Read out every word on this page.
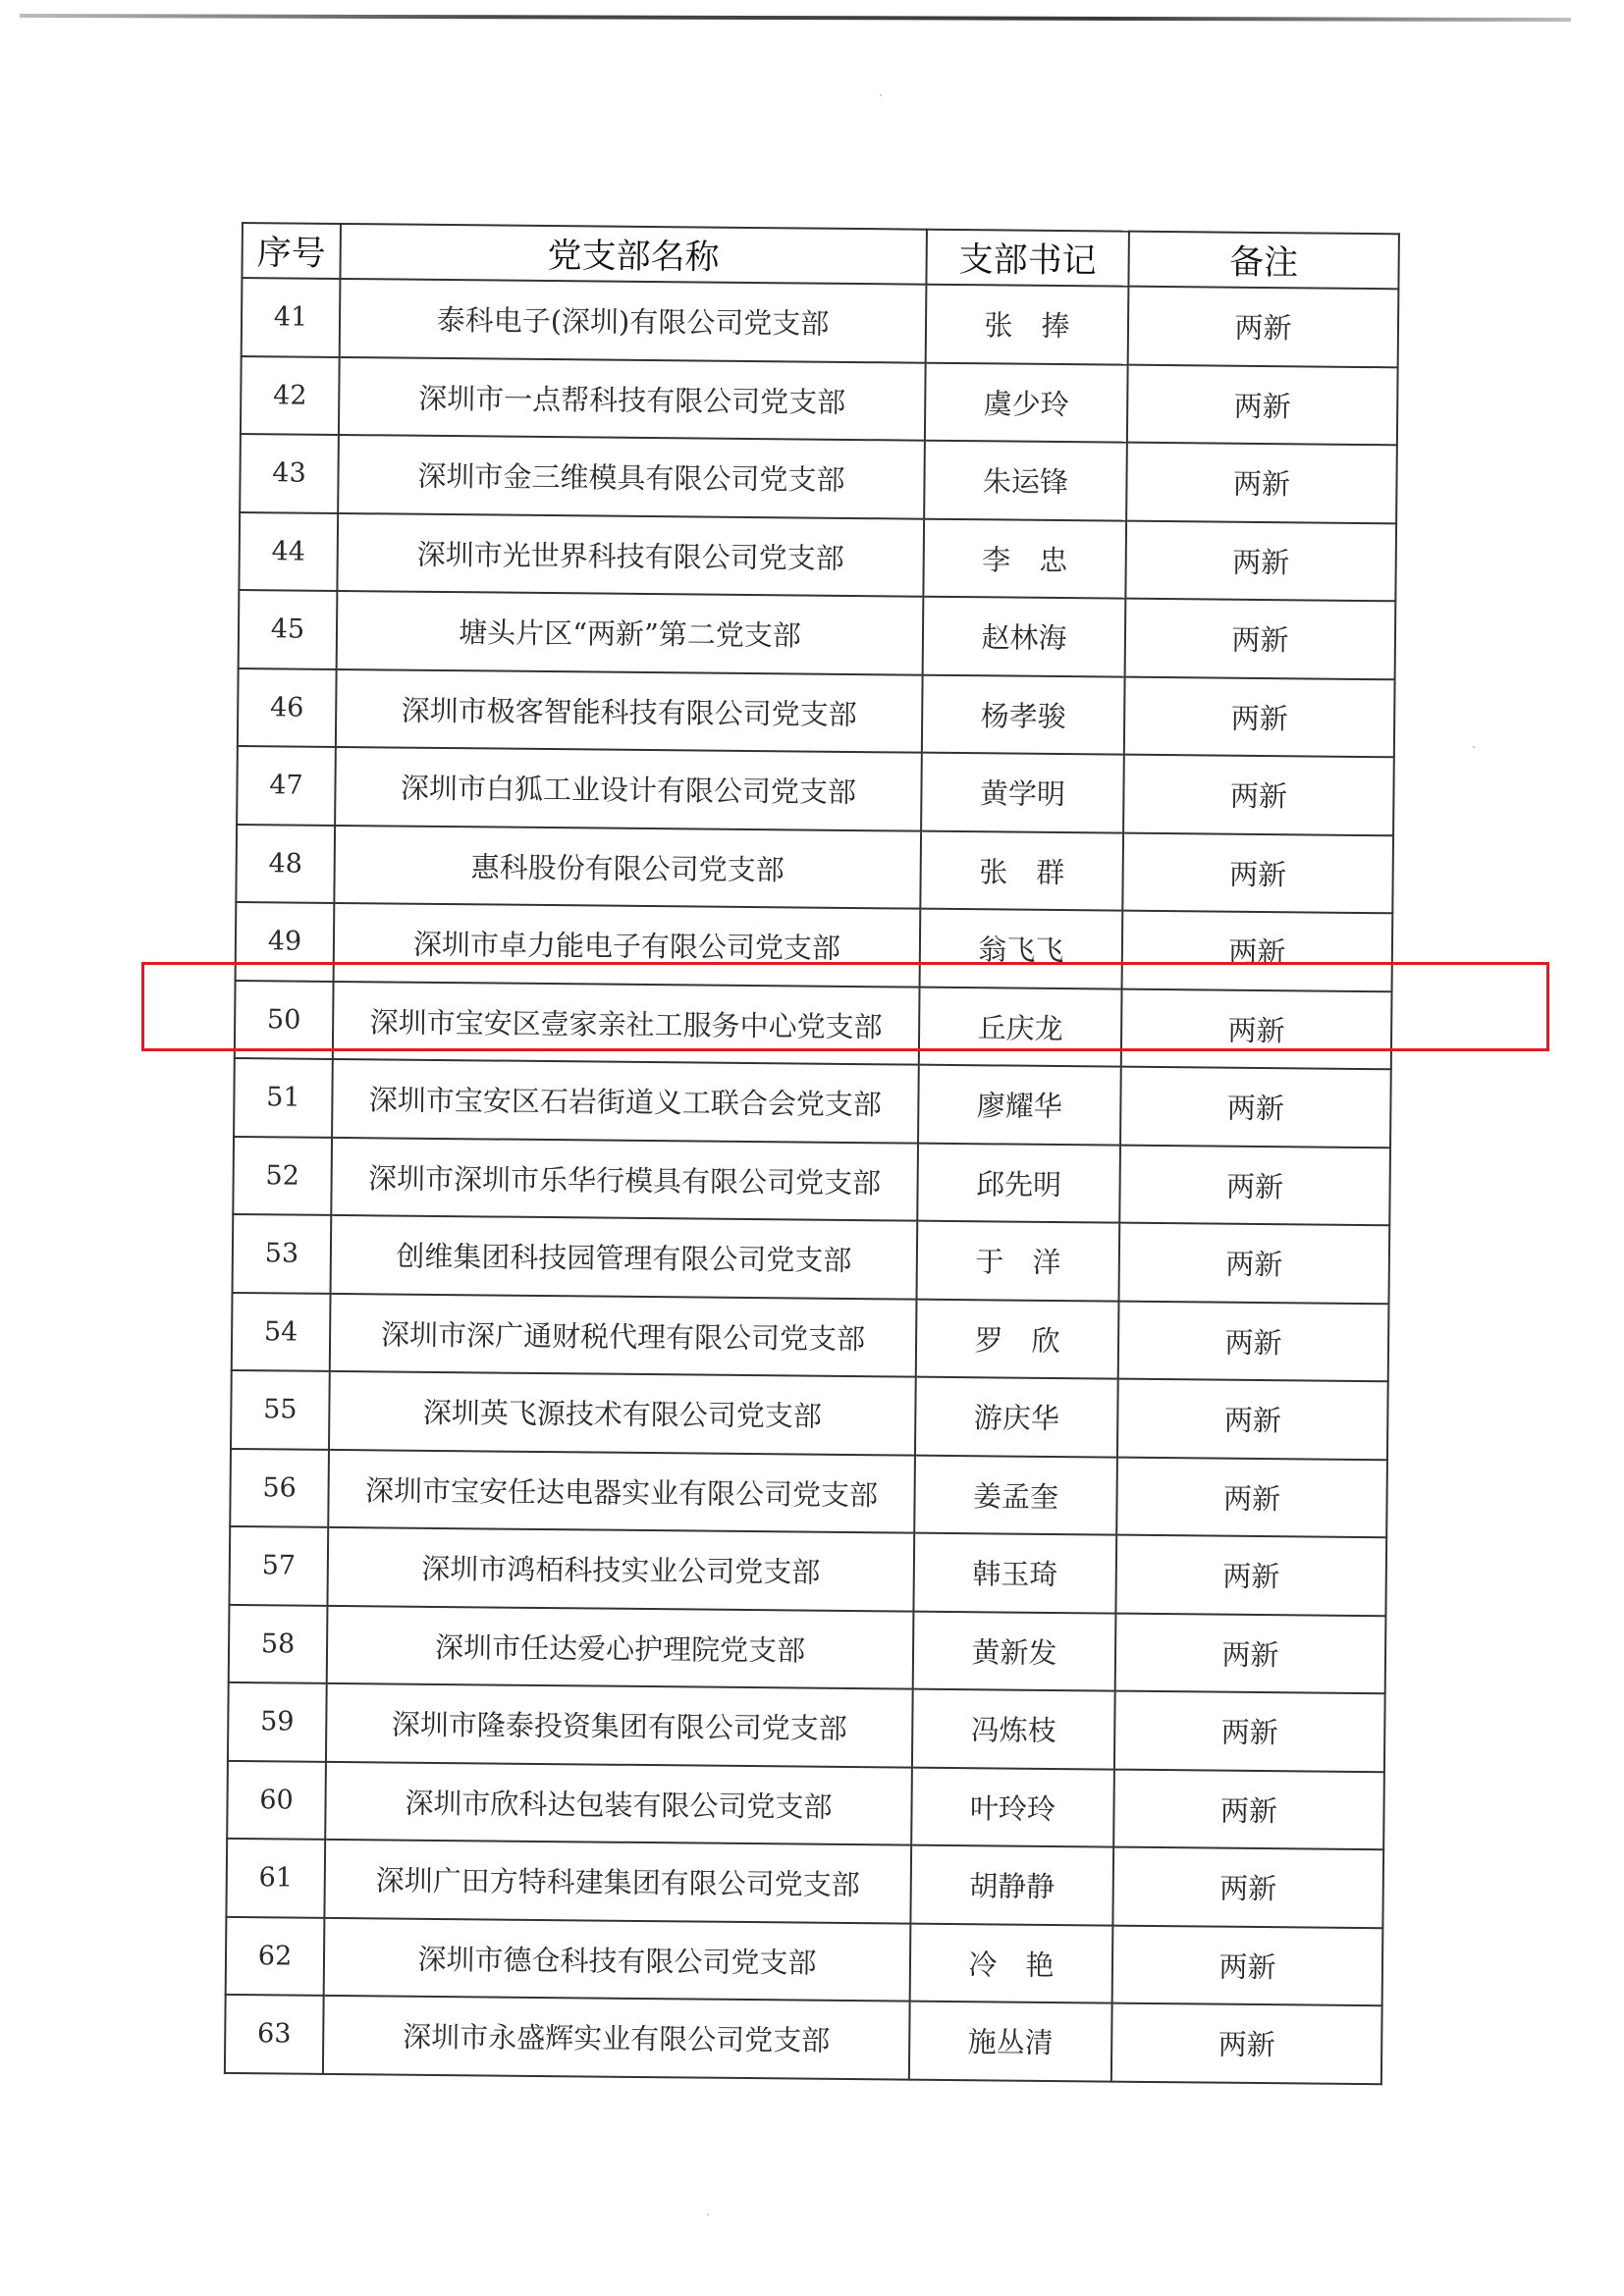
序号	党支部名称	支部书记	备注
41	泰科电子(深圳)有限公司党支部	张　捧	两新
42	深圳市一点帮科技有限公司党支部	虞少玲	两新
43	深圳市金三维模具有限公司党支部	朱运锋	两新
44	深圳市光世界科技有限公司党支部	李　忠	两新
45	塘头片区“两新”第二党支部	赵林海	两新
46	深圳市极客智能科技有限公司党支部	杨孝骏	两新
47	深圳市白狐工业设计有限公司党支部	黄学明	两新
48	惠科股份有限公司党支部	张　群	两新
49	深圳市卓力能电子有限公司党支部	翁飞飞	两新
50	深圳市宝安区壹家亲社工服务中心党支部	丘庆龙	两新
51	深圳市宝安区石岩街道义工联合会党支部	廖耀华	两新
52	深圳市深圳市乐华行模具有限公司党支部	邱先明	两新
53	创维集团科技园管理有限公司党支部	于　洋	两新
54	深圳市深广通财税代理有限公司党支部	罗　欣	两新
55	深圳英飞源技术有限公司党支部	游庆华	两新
56	深圳市宝安任达电器实业有限公司党支部	姜孟奎	两新
57	深圳市鸿栢科技实业公司党支部	韩玉琦	两新
58	深圳市任达爱心护理院党支部	黄新发	两新
59	深圳市隆泰投资集团有限公司党支部	冯炼枝	两新
60	深圳市欣科达包装有限公司党支部	叶玲玲	两新
61	深圳广田方特科建集团有限公司党支部	胡静静	两新
62	深圳市德仓科技有限公司党支部	冷　艳	两新
63	深圳市永盛辉实业有限公司党支部	施丛清	两新
